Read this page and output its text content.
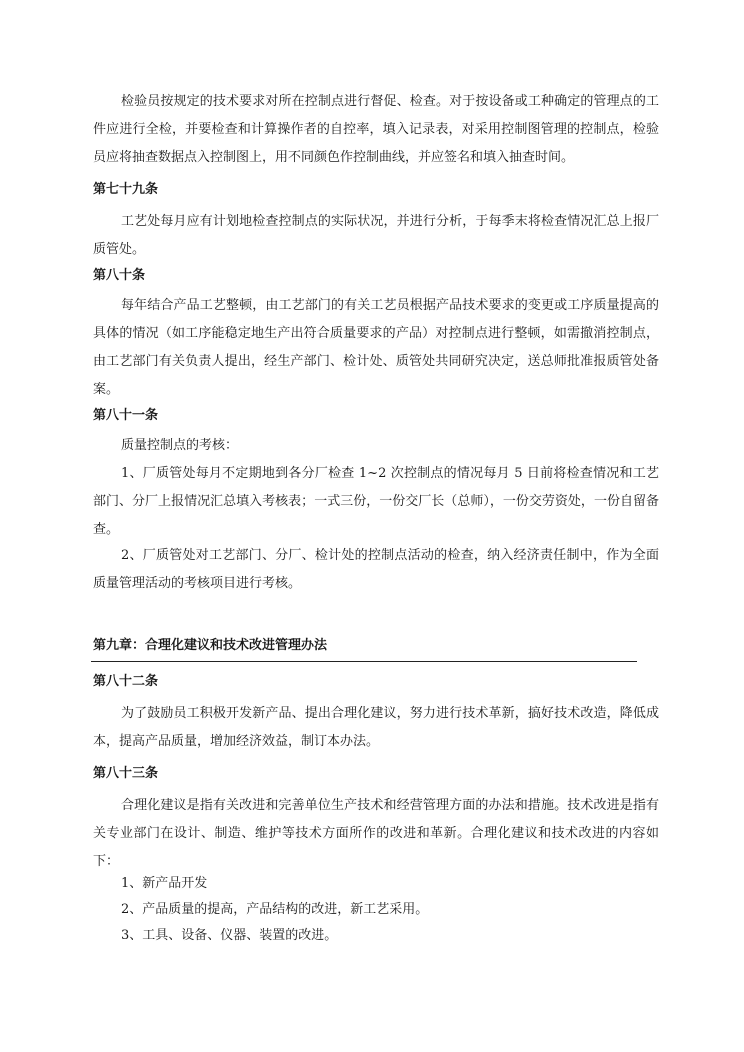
检验员按规定的技术要求对所在控制点进行督促、检查。对于按设备或工种确定的管理点的工件应进行全检，并要检查和计算操作者的自控率，填入记录表，对采用控制图管理的控制点，检验员应将抽查数据点入控制图上，用不同颜色作控制曲线，并应签名和填入抽查时间。

第七十九条

工艺处每月应有计划地检查控制点的实际状况，并进行分析，于每季末将检查情况汇总上报厂质管处。

第八十条

每年结合产品工艺整顿，由工艺部门的有关工艺员根据产品技术要求的变更或工序质量提高的具体的情况（如工序能稳定地生产出符合质量要求的产品）对控制点进行整顿，如需撤消控制点，由工艺部门有关负责人提出，经生产部门、检计处、质管处共同研究决定，送总师批准报质管处备案。

第八十一条

质量控制点的考核：

1、厂质管处每月不定期地到各分厂检查 1~2 次控制点的情况每月 5 日前将检查情况和工艺部门、分厂上报情况汇总填入考核表；一式三份，一份交厂长（总师），一份交劳资处，一份自留备查。

2、厂质管处对工艺部门、分厂、检计处的控制点活动的检查，纳入经济责任制中，作为全面质量管理活动的考核项目进行考核。

第九章：合理化建议和技术改进管理办法

第八十二条

为了鼓励员工积极开发新产品、提出合理化建议，努力进行技术革新，搞好技术改造，降低成本，提高产品质量，增加经济效益，制订本办法。

第八十三条

合理化建议是指有关改进和完善单位生产技术和经营管理方面的办法和措施。技术改进是指有关专业部门在设计、制造、维护等技术方面所作的改进和革新。合理化建议和技术改进的内容如下：

1、新产品开发

2、产品质量的提高，产品结构的改进，新工艺采用。

3、工具、设备、仪器、装置的改进。
